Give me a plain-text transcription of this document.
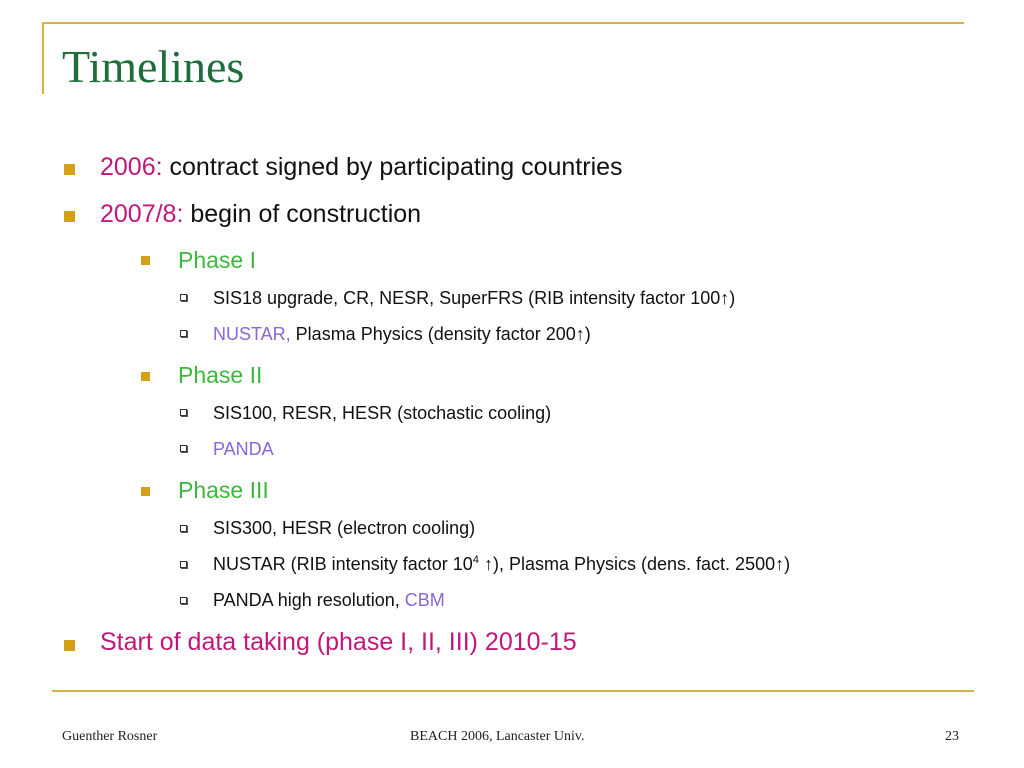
Timelines
2006: contract signed by participating countries
2007/8: begin of construction
Phase I
SIS18 upgrade, CR, NESR, SuperFRS (RIB intensity factor 100↑)
NUSTAR, Plasma Physics (density factor 200↑)
Phase II
SIS100, RESR, HESR (stochastic cooling)
PANDA
Phase III
SIS300, HESR (electron cooling)
NUSTAR (RIB intensity factor $10^4$ ↑), Plasma Physics (dens. fact. 2500↑)
PANDA high resolution, CBM
Start of data taking (phase I, II, III) 2010-15
Guenther Rosner	BEACH 2006, Lancaster Univ.	23
